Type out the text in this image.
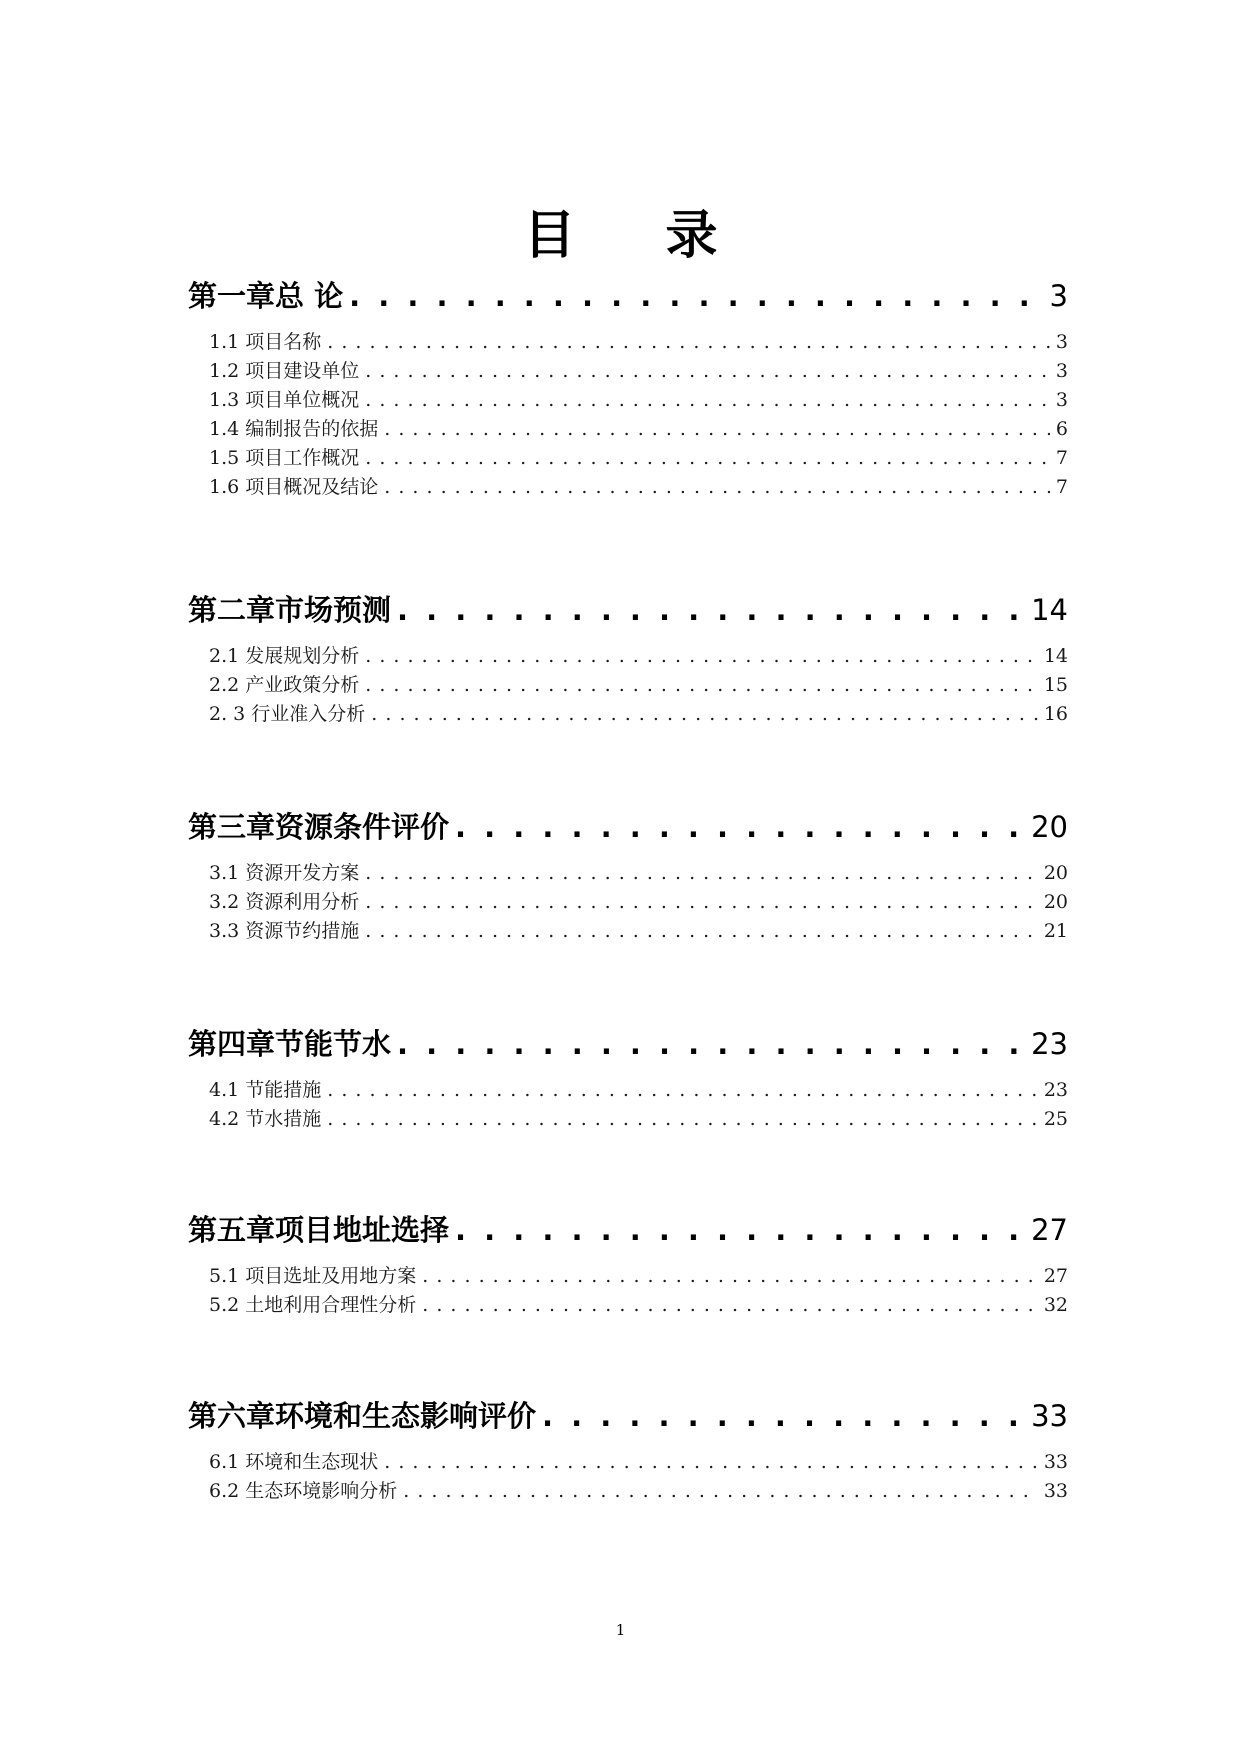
目录
第一章 总 论 . . .	3
1.1 项目名称 . . .	3
1.2 项目建设单位 . . .	3
1.3 项目单位概况 . . .	3
1.4 编制报告的依据 . . .	6
1.5 项目工作概况 . . .	7
1.6 项目概况及结论 . . .	7
第二章 市场预测 . . .	14
2.1 发展规划分析 . . .	14
2.2 产业政策分析 . . .	15
2. 3 行业准入分析 . . .	16
第三章 资源条件评价 . . .	20
3.1 资源开发方案 . . .	20
3.2 资源利用分析 . . .	20
3.3 资源节约措施 . . .	21
第四章 节能节水 . . .	23
4.1 节能措施 . . .	23
4.2 节水措施 . . .	25
第五章 项目地址选择 . . .	27
5.1 项目选址及用地方案 . . .	27
5.2 土地利用合理性分析 . . .	32
第六章 环境和生态影响评价 . . .	33
6.1 环境和生态现状 . . .	33
6.2 生态环境影响分析 . . .	33
1
